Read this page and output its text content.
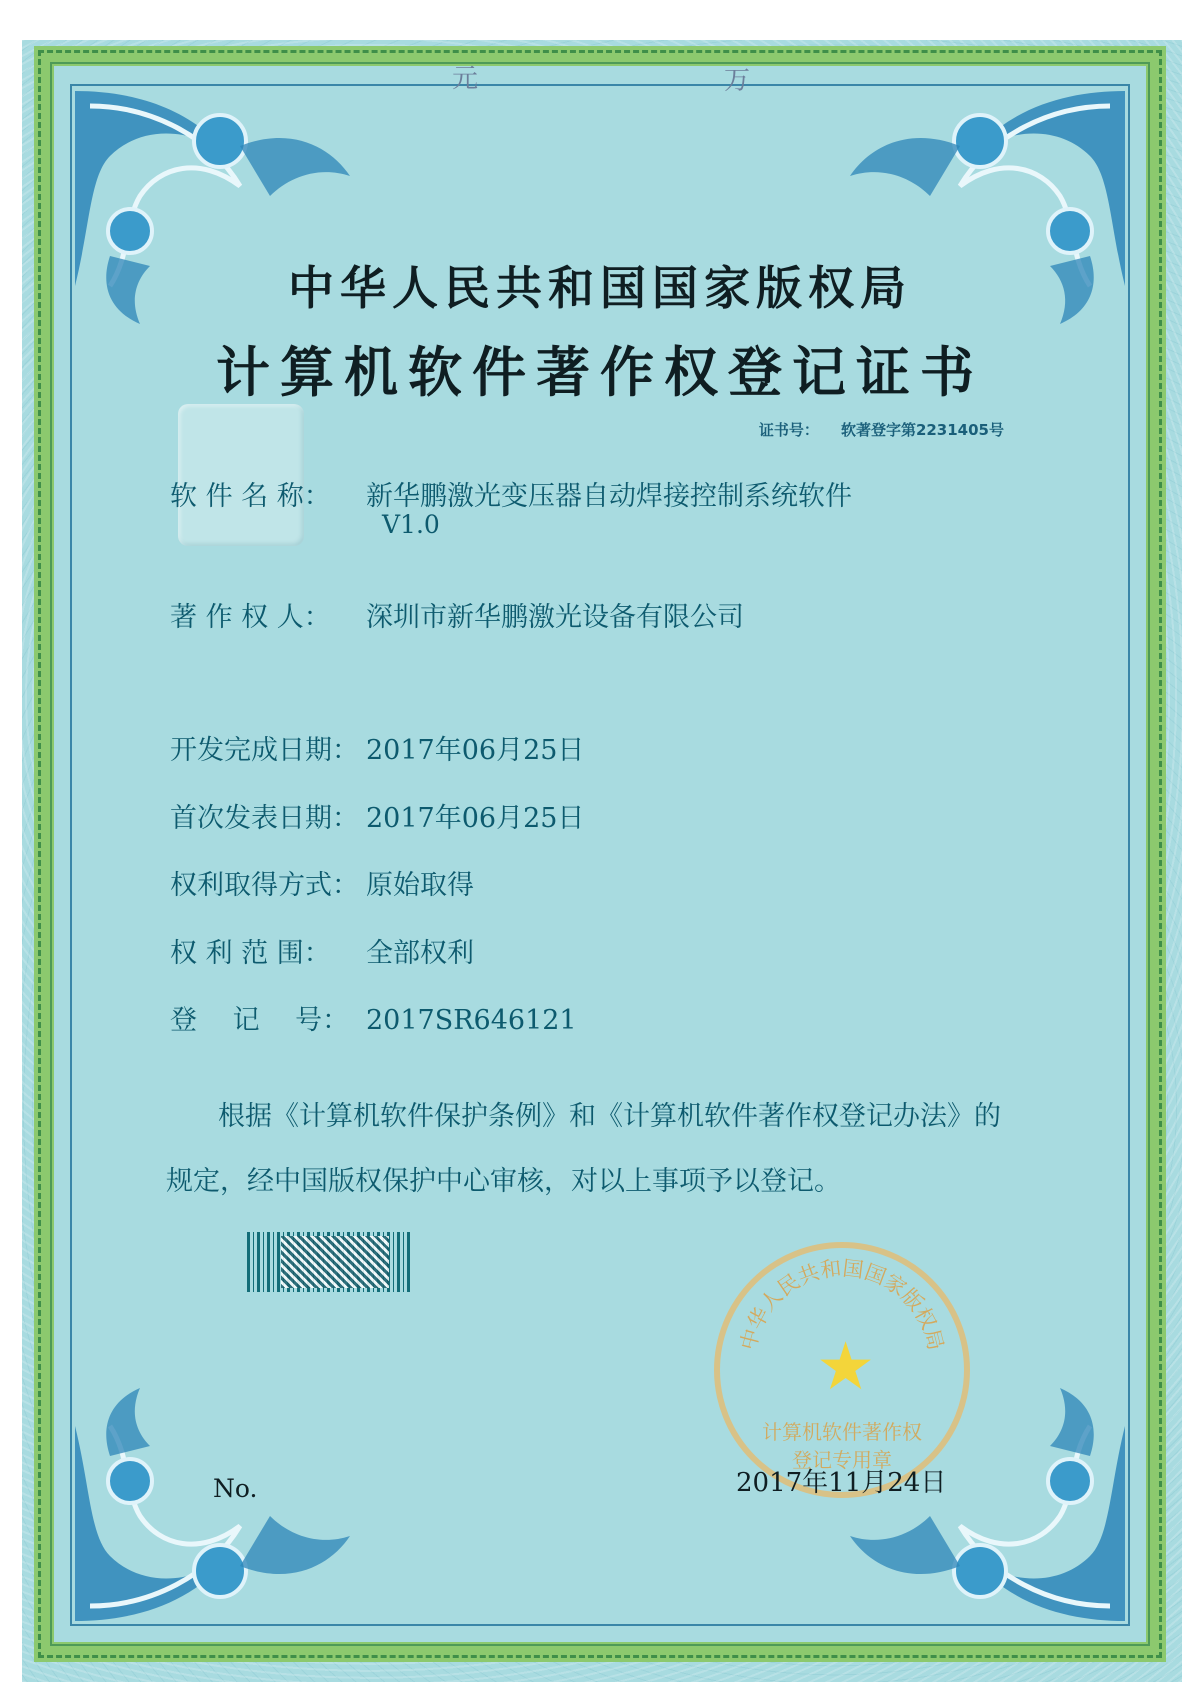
元	万
中华人民共和国国家版权局
计算机软件著作权登记证书
证书号： 软著登字第2231405号
软 件 名 称： 新华鹏激光变压器自动焊接控制系统软件
V1.0
著 作 权 人： 深圳市新华鹏激光设备有限公司
开发完成日期： 2017年06月25日
首次发表日期： 2017年06月25日
权利取得方式： 原始取得
权 利 范 围： 全部权利
登　 记　 号： 2017SR646121
根据《计算机软件保护条例》和《计算机软件著作权登记办法》的
规定，经中国版权保护中心审核，对以上事项予以登记。
中华人民共和国国家版权局
★
计算机软件著作权
登记专用章
No.	2017年11月24日
